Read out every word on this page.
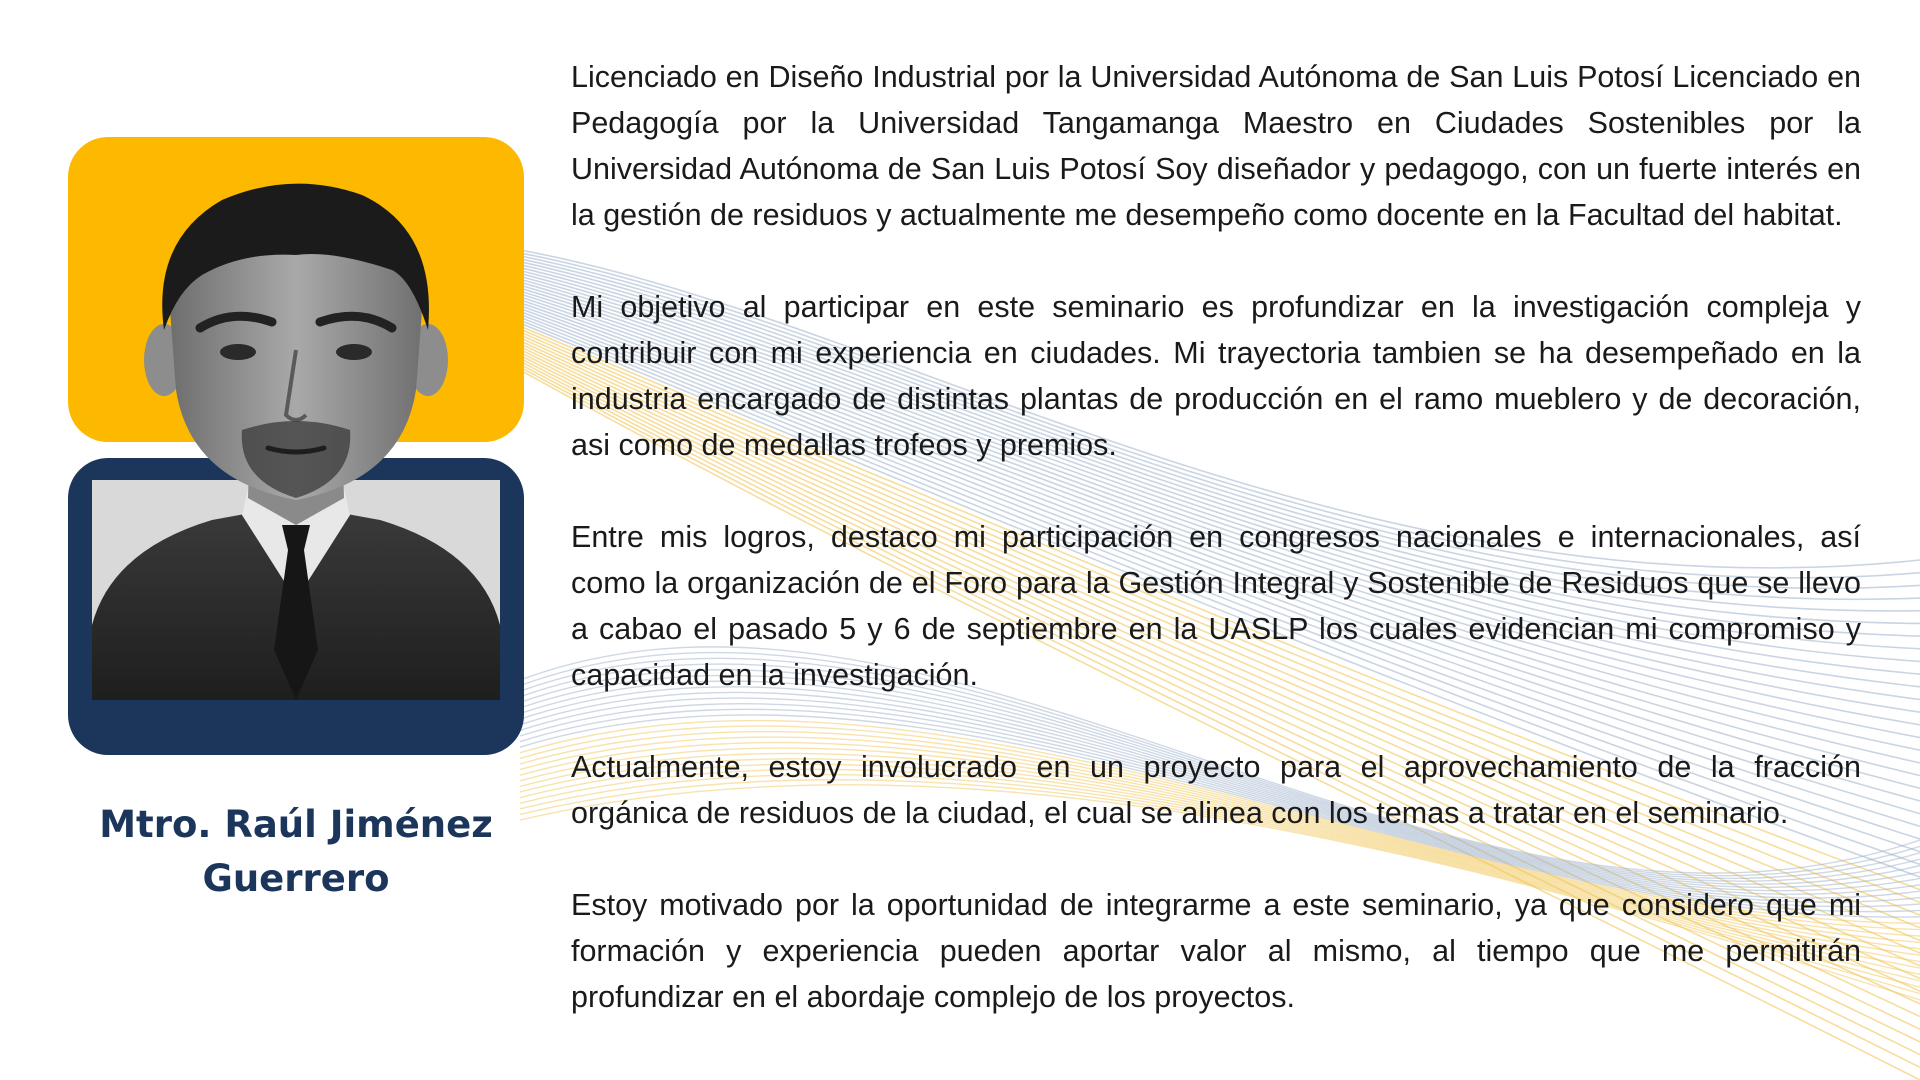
Mtro. Raúl Jiménez
Guerrero

Licenciado en Diseño Industrial por la Universidad Autónoma de San Luis Potosí Licenciado en Pedagogía por la Universidad Tangamanga Maestro en Ciudades Sostenibles por la Universidad Autónoma de San Luis Potosí Soy diseñador y pedagogo, con un fuerte interés en la gestión de residuos y actualmente me desempeño como docente en la Facultad del habitat.

Mi objetivo al participar en este seminario es profundizar en la investigación compleja y contribuir con mi experiencia en ciudades. Mi trayectoria tambien se ha desempeñado en la industria encargado de distintas plantas de producción en el ramo mueblero y de decoración, asi como de medallas trofeos y premios.

Entre mis logros, destaco mi participación en congresos nacionales e internacionales, así como la organización de el Foro para la Gestión Integral y Sostenible de Residuos que se llevo a cabao el pasado 5 y 6 de septiembre en la UASLP los cuales evidencian mi compromiso y capacidad en la investigación.

Actualmente, estoy involucrado en un proyecto para el aprovechamiento de la fracción orgánica de residuos de la ciudad, el cual se alinea con los temas a tratar en el seminario.

Estoy motivado por la oportunidad de integrarme a este seminario, ya que considero que mi formación y experiencia pueden aportar valor al mismo, al tiempo que me permitirán profundizar en el abordaje complejo de los proyectos.
